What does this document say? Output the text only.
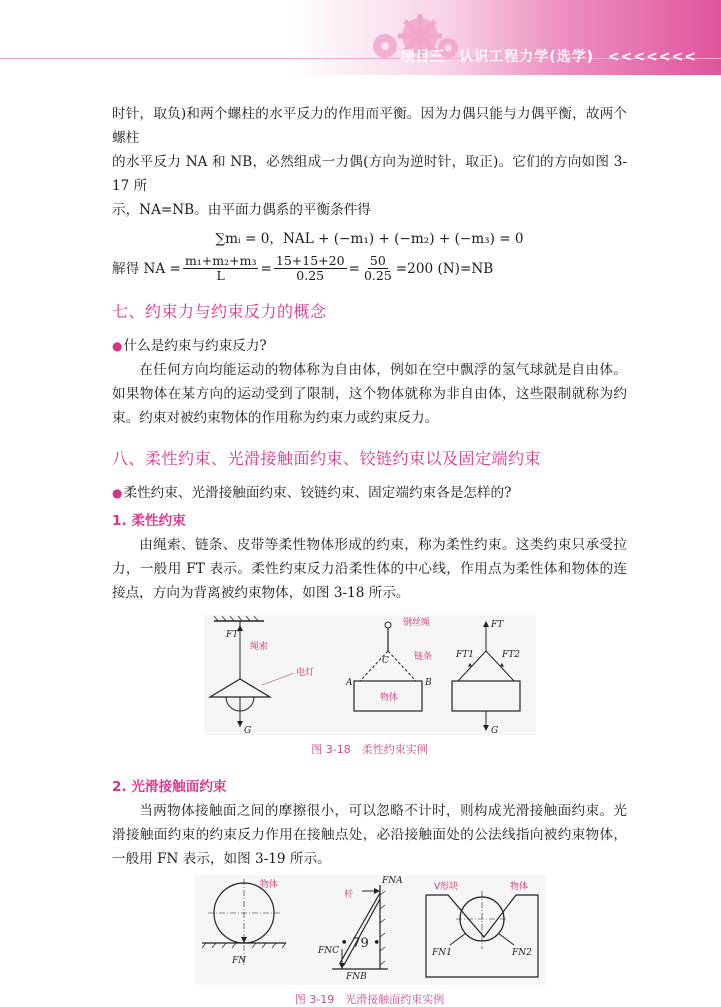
项目三 认识工程力学(选学) <<<<<<<

时针，取负)和两个螺柱的水平反力的作用而平衡。因为力偶只能与力偶平衡，故两个螺柱

的水平反力 NA 和 NB，必然组成一力偶(方向为逆时针，取正)。它们的方向如图 3-17 所

示，NA=NB。由平面力偶系的平衡条件得

∑mᵢ = 0，NAL + (−m₁) + (−m₂) + (−m₃) = 0
解得 NA = $\frac{\text{m₁+m₂+m₃}}{L} = \frac{15+15+20}{0.25} = \frac{50}{0.25} =200$ (N)=NB
七、约束力与约束反力的概念
●什么是约束与约束反力?

在任何方向均能运动的物体称为自由体，例如在空中飘浮的氢气球就是自由体。如果物体在某方向的运动受到了限制，这个物体就称为非自由体，这些限制就称为约束。约束对被约束物体的作用称为约束力或约束反力。

八、柔性约束、光滑接触面约束、铰链约束以及固定端约束
●柔性约束、光滑接触面约束、铰链约束、固定端约束各是怎样的?
1. 柔性约束

由绳索、链条、皮带等柔性物体形成的约束，称为柔性约束。这类约束只承受拉力，一般用 FT 表示。柔性约束反力沿柔性体的中心线，作用点为柔性体和物体的连接点，方向为背离被约束物体，如图 3-18 所示。

FT
绳索
电灯
G
钢丝绳
链条
物体
A	B
C
FT
FT1	FT2
G
图 3-18　柔性约束实例
2. 光滑接触面约束

当两物体接触面之间的摩擦很小，可以忽略不计时，则构成光滑接触面约束。光滑接触面约束的约束反力作用在接触点处，必沿接触面处的公法线指向被约束物体，一般用 FN 表示，如图 3-19 所示。

物体
FN
杆
FNA
FNC
FNB
V形块	物体
FN1	FN2
图 3-19　光滑接触面约束实例
• 79 •
